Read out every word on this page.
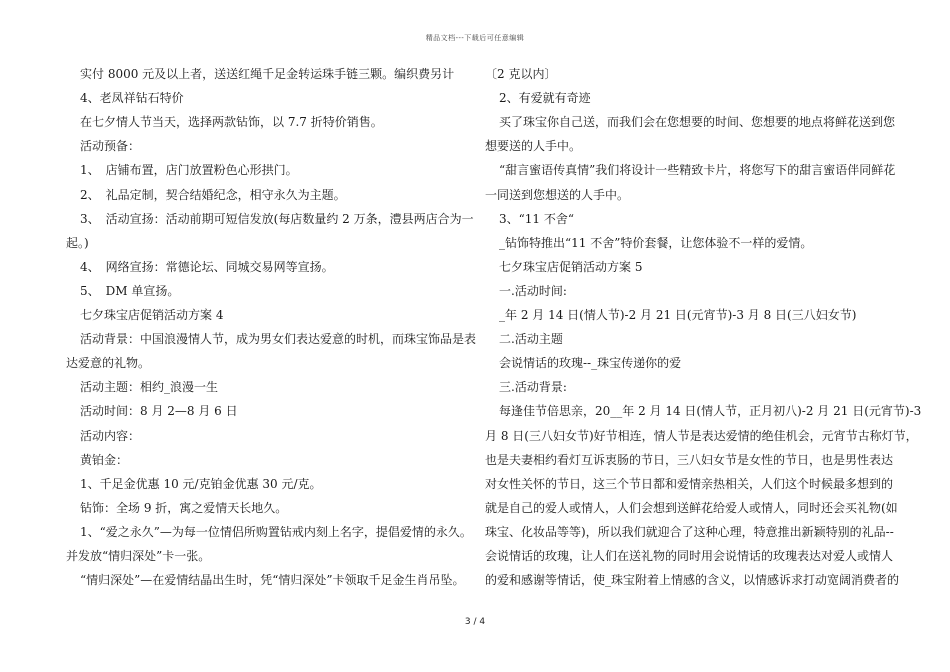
精品文档---下载后可任意编辑
实付 8000 元及以上者，送送红绳千足金转运珠手链三颗。编织费另计
4、老凤祥钻石特价
在七夕情人节当天，选择两款钻饰，以 7.7 折特价销售。
活动预备：
1、　店铺布置，店门放置粉色心形拱门。
2、　礼品定制，契合结婚纪念，相守永久为主题。
3、　活动宣扬：活动前期可短信发放(每店数量约 2 万条，澧县两店合为一
起。)
4、　网络宣扬：常德论坛、同城交易网等宣扬。
5、　DM 单宣扬。
七夕珠宝店促销活动方案 4
活动背景：中国浪漫情人节，成为男女们表达爱意的时机，而珠宝饰品是表
达爱意的礼物。
活动主题：相约_浪漫一生
活动时间：8 月 2—8 月 6 日
活动内容：
黄铂金：
1、千足金优惠 10 元/克铂金优惠 30 元/克。
钻饰：全场 9 折，寓之爱情天长地久。
1、“爱之永久”—为每一位情侣所购置钻戒内刻上名字，提倡爱情的永久。
并发放“情归深处”卡一张。
“情归深处”—在爱情结晶出生时，凭“情归深处”卡领取千足金生肖吊坠。
〔2 克以内〕
2、有爱就有奇迹
买了珠宝你自己送，而我们会在您想要的时间、您想要的地点将鲜花送到您
想要送的人手中。
“甜言蜜语传真情”我们将设计一些精致卡片，将您写下的甜言蜜语伴同鲜花
一同送到您想送的人手中。
3、“11 不舍“
_钻饰特推出“11 不舍”特价套餐，让您体验不一样的爱情。
七夕珠宝店促销活动方案 5
一.活动时间:
_年 2 月 14 日(情人节)-2 月 21 日(元宵节)-3 月 8 日(三八妇女节)
二.活动主题
会说情话的玫瑰--_珠宝传递你的爱
三.活动背景:
每逢佳节倍思亲，20__年 2 月 14 日(情人节，正月初八)-2 月 21 日(元宵节)-3
月 8 日(三八妇女节)好节相连，情人节是表达爱情的绝佳机会，元宵节古称灯节，
也是夫妻相约看灯互诉衷肠的节日，三八妇女节是女性的节日，也是男性表达
对女性关怀的节日，这三个节日都和爱情亲热相关，人们这个时候最多想到的
就是自己的爱人或情人，人们会想到送鲜花给爱人或情人，同时还会买礼物(如
珠宝、化妆品等等)，所以我们就迎合了这种心理，特意推出新颖特别的礼品--
会说情话的玫瑰，让人们在送礼物的同时用会说情话的玫瑰表达对爱人或情人
的爱和感谢等情话，使_珠宝附着上情感的含义，以情感诉求打动宽阔消费者的
3 / 4
